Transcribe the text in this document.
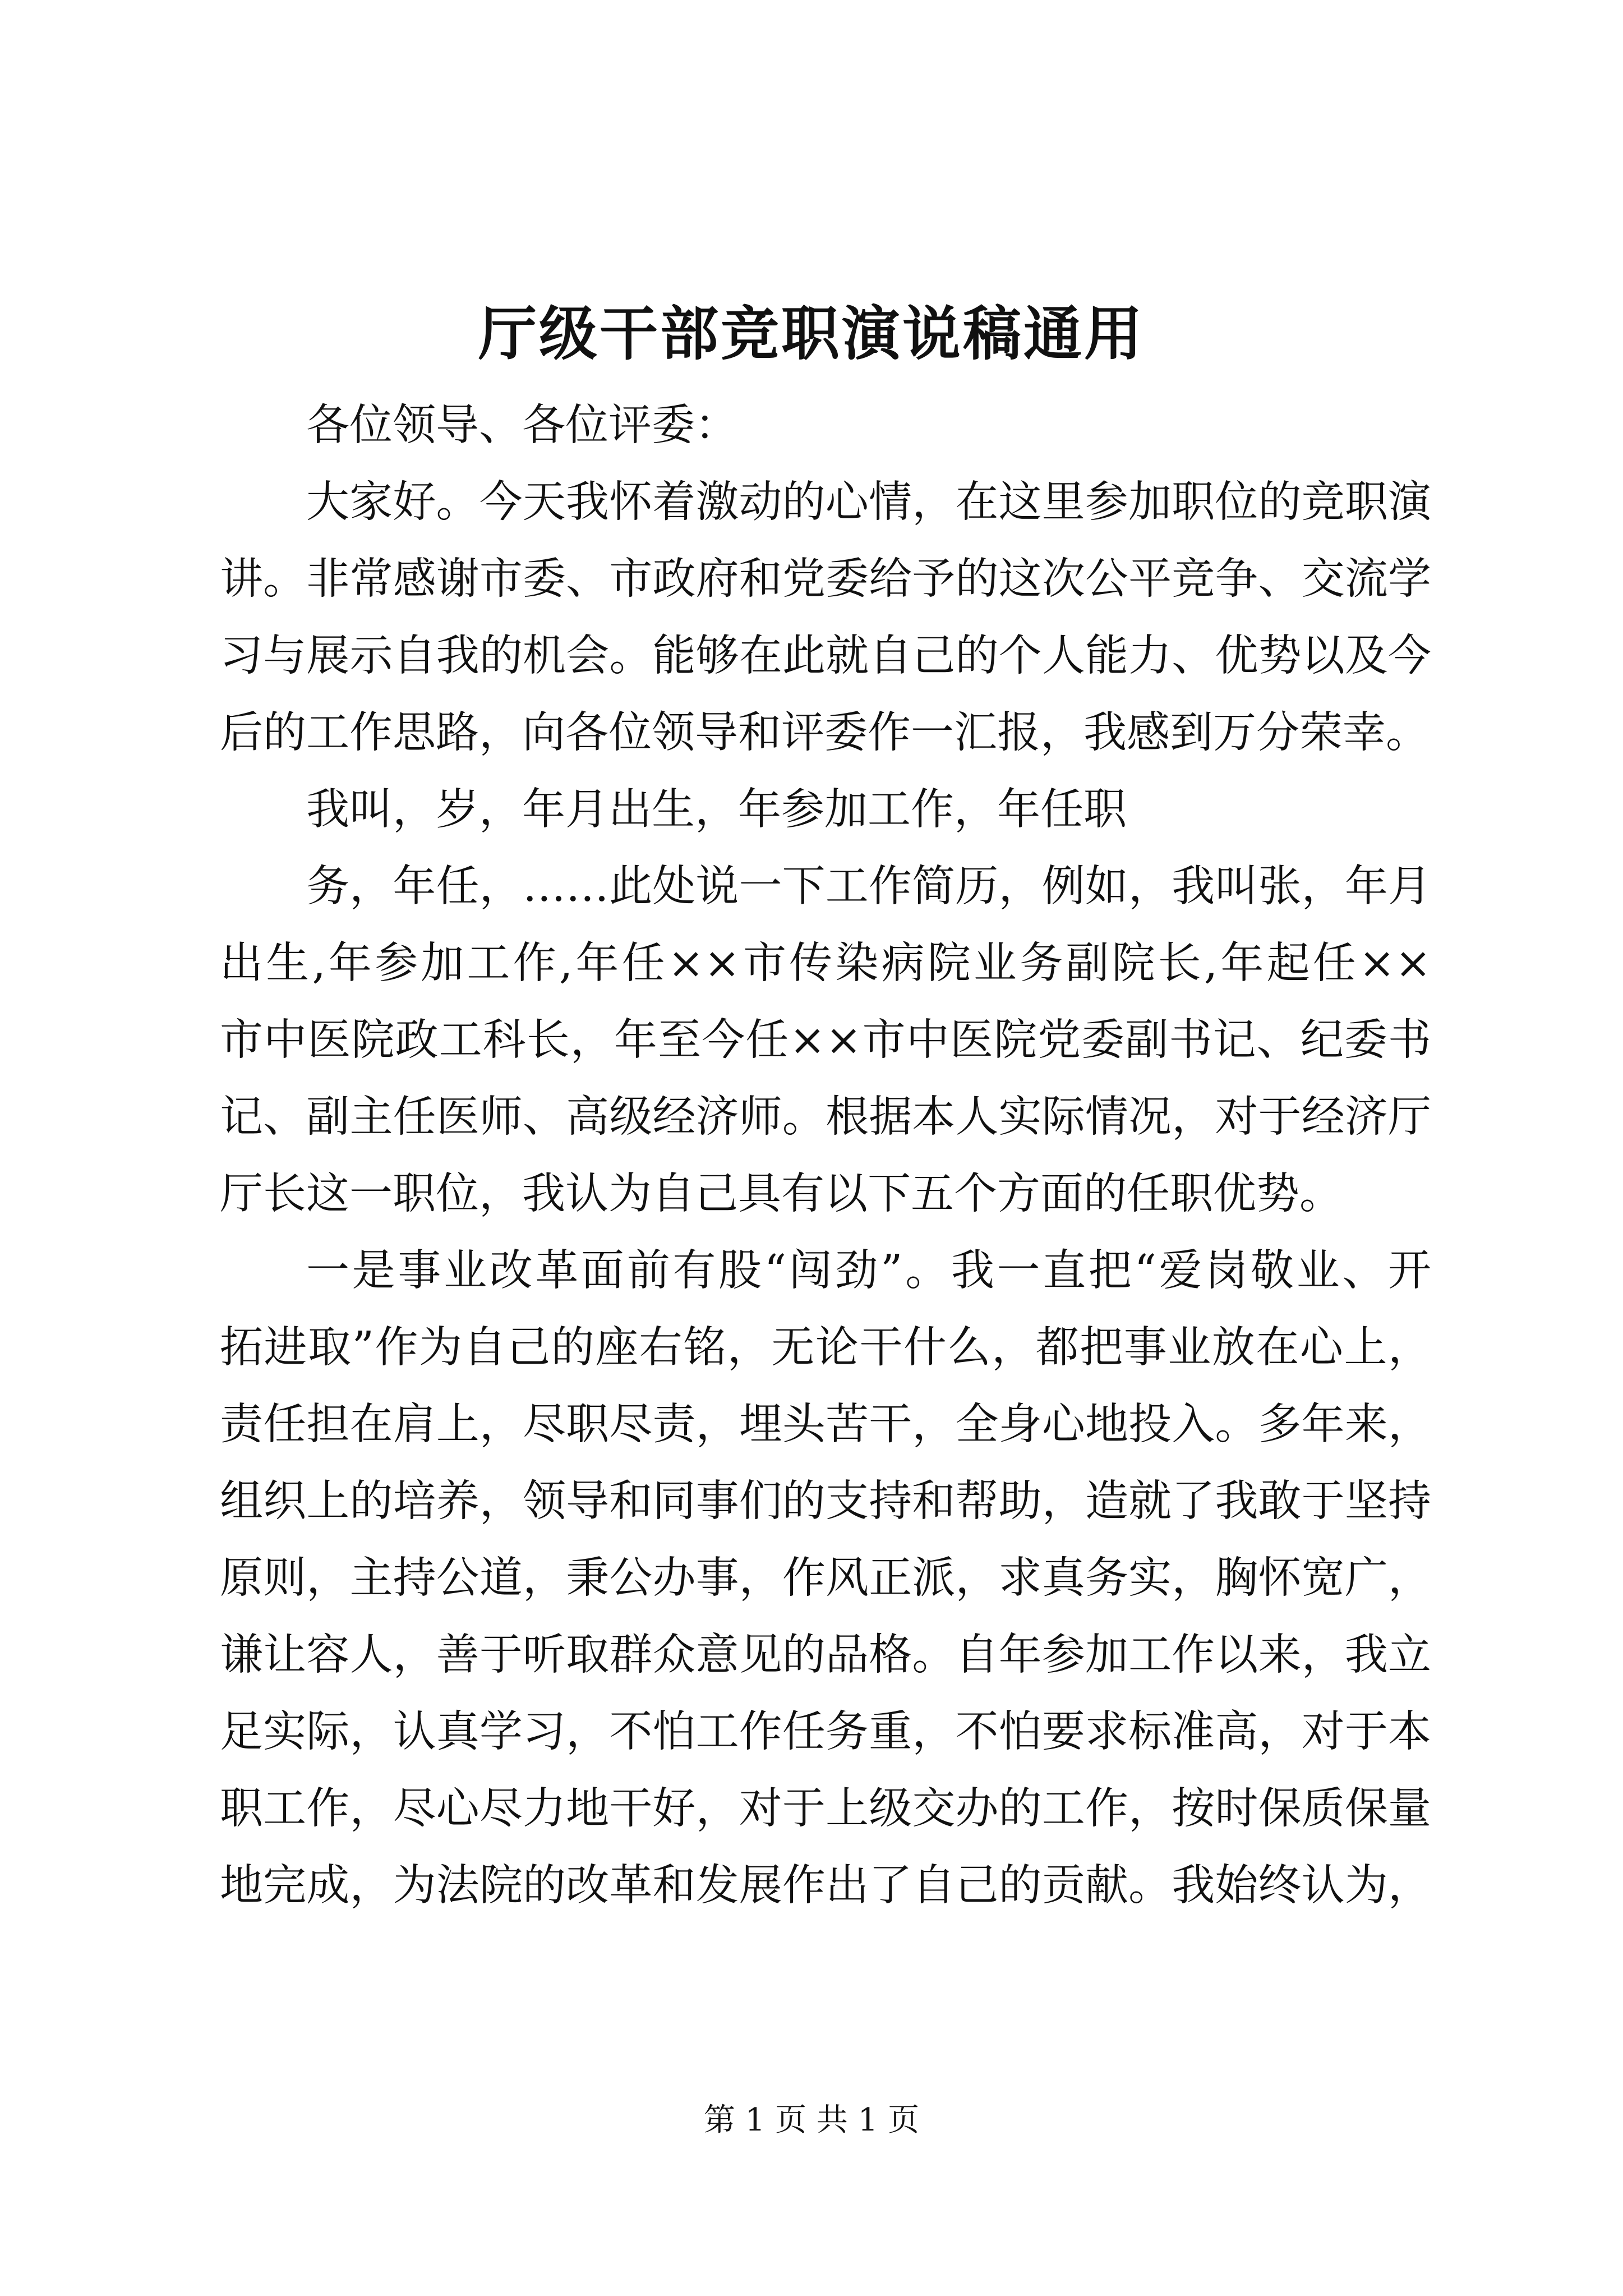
厅级干部竞职演说稿通用
各位领导、各位评委：
大家好。今天我怀着激动的心情，在这里参加职位的竞职演
讲。非常感谢市委、市政府和党委给予的这次公平竞争、交流学
习与展示自我的机会。能够在此就自己的个人能力、优势以及今
后的工作思路，向各位领导和评委作一汇报，我感到万分荣幸。
我叫，岁，年月出生，年参加工作，年任职
务，年任，……此处说一下工作简历，例如，我叫张，年月
出生,年参加工作,年任××市传染病院业务副院长,年起任××
市中医院政工科长，年至今任××市中医院党委副书记、纪委书
记、副主任医师、高级经济师。根据本人实际情况，对于经济厅
厅长这一职位，我认为自己具有以下五个方面的任职优势。
一是事业改革面前有股“闯劲”。我一直把“爱岗敬业、开
拓进取”作为自己的座右铭，无论干什么，都把事业放在心上，
责任担在肩上，尽职尽责，埋头苦干，全身心地投入。多年来，
组织上的培养，领导和同事们的支持和帮助，造就了我敢于坚持
原则，主持公道，秉公办事，作风正派，求真务实，胸怀宽广，
谦让容人，善于听取群众意见的品格。自年参加工作以来，我立
足实际，认真学习，不怕工作任务重，不怕要求标准高，对于本
职工作，尽心尽力地干好，对于上级交办的工作，按时保质保量
地完成，为法院的改革和发展作出了自己的贡献。我始终认为，
第 1 页 共 1 页
